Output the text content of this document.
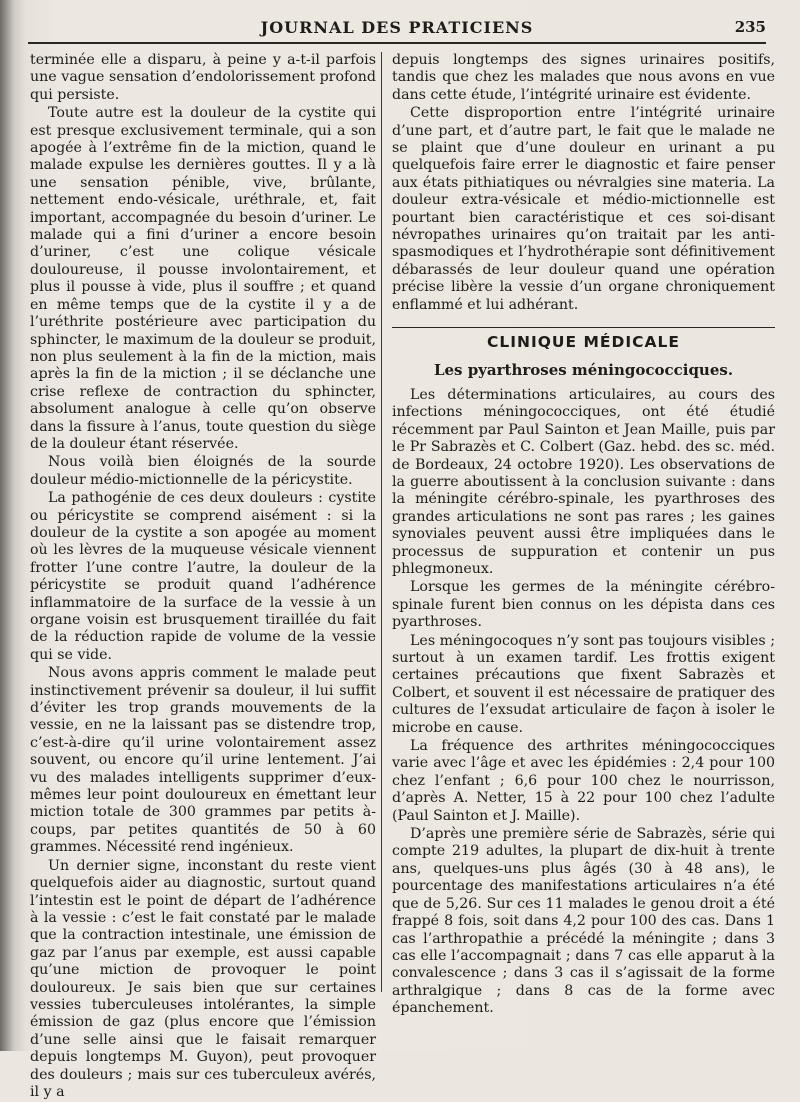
JOURNAL DES PRATICIENS	235

terminée elle a disparu, à peine y a-t-il parfois une vague sensation d’endolorissement profond qui persiste.

Toute autre est la douleur de la cystite qui est presque exclusivement terminale, qui a son apogée à l’extrême fin de la miction, quand le malade expulse les dernières gouttes. Il y a là une sensation pénible, vive, brûlante, nettement endo-vésicale, uréthrale, et, fait important, accompagnée du besoin d’uriner. Le malade qui a fini d’uriner a encore besoin d’uriner, c’est une colique vésicale douloureuse, il pousse involontairement, et plus il pousse à vide, plus il souffre ; et quand en même temps que de la cystite il y a de l’uréthrite postérieure avec participation du sphincter, le maximum de la douleur se produit, non plus seulement à la fin de la miction, mais après la fin de la miction ; il se déclanche une crise reflexe de contraction du sphincter, absolument analogue à celle qu’on observe dans la fissure à l’anus, toute question du siège de la douleur étant réservée.

Nous voilà bien éloignés de la sourde douleur médio-mictionnelle de la péricystite.

La pathogénie de ces deux douleurs : cystite ou péricystite se comprend aisément : si la douleur de la cystite a son apogée au moment où les lèvres de la muqueuse vésicale viennent frotter l’une contre l’autre, la douleur de la péricystite se produit quand l’adhérence inflammatoire de la surface de la vessie à un organe voisin est brusquement tiraillée du fait de la réduction rapide de volume de la vessie qui se vide.

Nous avons appris comment le malade peut instinctivement prévenir sa douleur, il lui suffit d’éviter les trop grands mouvements de la vessie, en ne la laissant pas se distendre trop, c’est-à-dire qu’il urine volontairement assez souvent, ou encore qu’il urine lentement. J’ai vu des malades intelligents supprimer d’eux-mêmes leur point douloureux en émettant leur miction totale de 300 grammes par petits à-coups, par petites quantités de 50 à 60 grammes. Nécessité rend ingénieux.

Un dernier signe, inconstant du reste vient quelquefois aider au diagnostic, surtout quand l’intestin est le point de départ de l’adhérence à la vessie : c’est le fait constaté par le malade que la contraction intestinale, une émission de gaz par l’anus par exemple, est aussi capable qu’une miction de provoquer le point douloureux. Je sais bien que sur certaines vessies tuberculeuses intolérantes, la simple émission de gaz (plus encore que l’émission d’une selle ainsi que le faisait remarquer depuis longtemps M. Guyon), peut provoquer des douleurs ; mais sur ces tuberculeux avérés, il y a

depuis longtemps des signes urinaires positifs, tandis que chez les malades que nous avons en vue dans cette étude, l’intégrité urinaire est évidente.

Cette disproportion entre l’intégrité urinaire d’une part, et d’autre part, le fait que le malade ne se plaint que d’une douleur en urinant a pu quelquefois faire errer le diagnostic et faire penser aux états pithiatiques ou névralgies sine materia. La douleur extra-vésicale et médio-mictionnelle est pourtant bien caractéristique et ces soi-disant névropathes urinaires qu’on traitait par les anti-spasmodiques et l’hydrothérapie sont définitivement débarassés de leur douleur quand une opération précise libère la vessie d’un organe chroniquement enflammé et lui adhérant.

CLINIQUE MÉDICALE
Les pyarthroses méningococciques.

Les déterminations articulaires, au cours des infections méningococciques, ont été étudié récemment par Paul Sainton et Jean Maille, puis par le Pr Sabrazès et C. Colbert (Gaz. hebd. des sc. méd. de Bordeaux, 24 octobre 1920). Les observations de la guerre aboutissent à la conclusion suivante : dans la méningite cérébro-spinale, les pyarthroses des grandes articulations ne sont pas rares ; les gaines synoviales peuvent aussi être impliquées dans le processus de suppuration et contenir un pus phlegmoneux.

Lorsque les germes de la méningite cérébro-spinale furent bien connus on les dépista dans ces pyarthroses.

Les méningocoques n’y sont pas toujours visibles ; surtout à un examen tardif. Les frottis exigent certaines précautions que fixent Sabrazès et Colbert, et souvent il est nécessaire de pratiquer des cultures de l’exsudat articulaire de façon à isoler le microbe en cause.

La fréquence des arthrites méningococciques varie avec l’âge et avec les épidémies : 2,4 pour 100 chez l’enfant ; 6,6 pour 100 chez le nourrisson, d’après A. Netter, 15 à 22 pour 100 chez l’adulte (Paul Sainton et J. Maille).

D’après une première série de Sabrazès, série qui compte 219 adultes, la plupart de dix-huit à trente ans, quelques-uns plus âgés (30 à 48 ans), le pourcentage des manifestations articulaires n’a été que de 5,26. Sur ces 11 malades le genou droit a été frappé 8 fois, soit dans 4,2 pour 100 des cas. Dans 1 cas l’arthropathie a précédé la méningite ; dans 3 cas elle l’accompagnait ; dans 7 cas elle apparut à la convalescence ; dans 3 cas il s’agissait de la forme arthralgique ; dans 8 cas de la forme avec épanchement.
